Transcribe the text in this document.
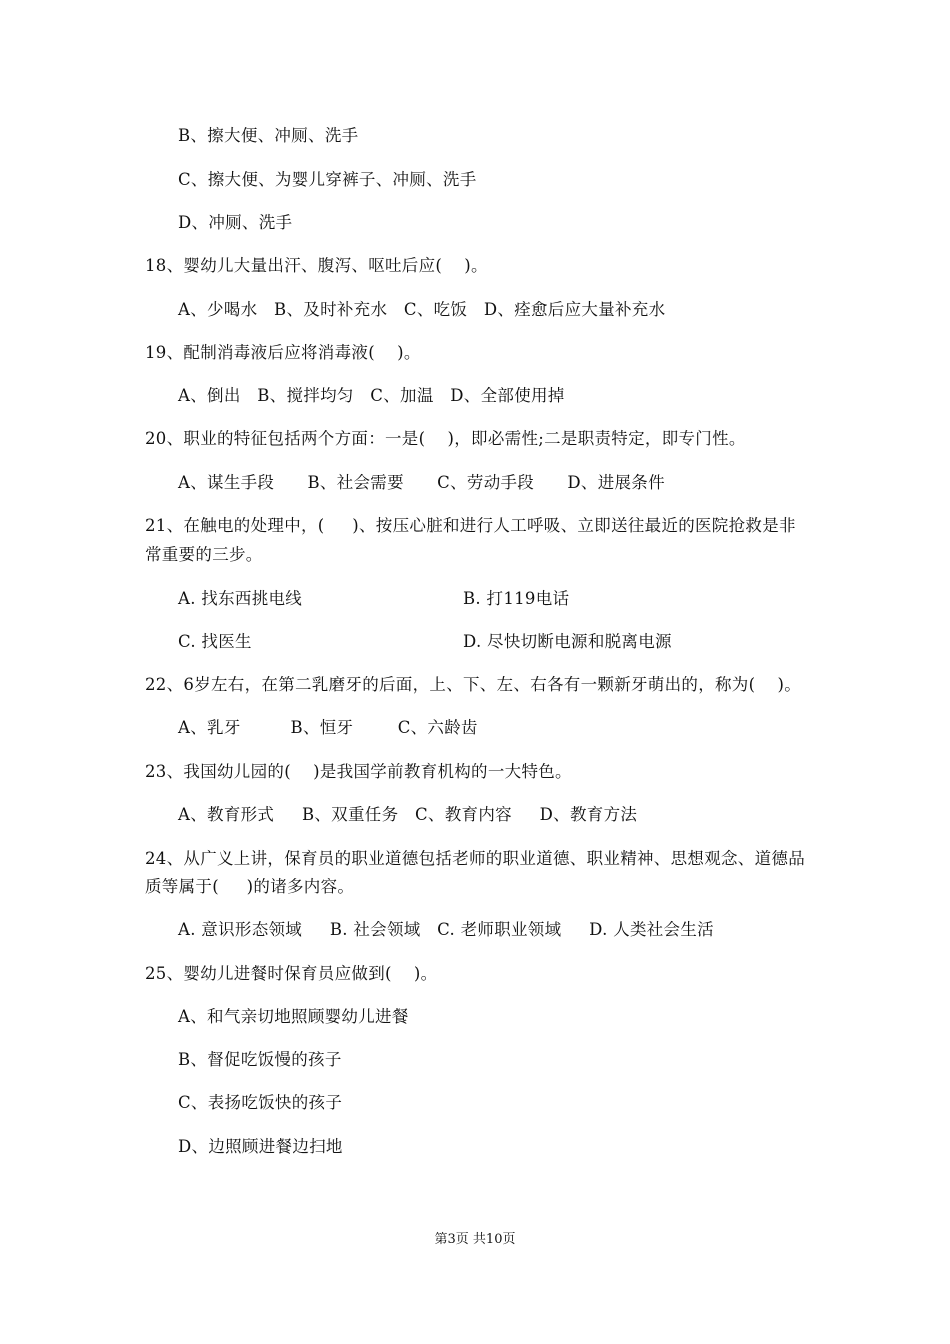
B、擦大便、冲厕、洗手
C、擦大便、为婴儿穿裤子、冲厕、洗手
D、冲厕、洗手
18、婴幼儿大量出汗、腹泻、呕吐后应(    )。
A、少喝水   B、及时补充水   C、吃饭   D、痊愈后应大量补充水
19、配制消毒液后应将消毒液(    )。
A、倒出   B、搅拌均匀   C、加温   D、全部使用掉
20、职业的特征包括两个方面：一是(    )，即必需性;二是职责特定，即专门性。
A、谋生手段      B、社会需要      C、劳动手段      D、进展条件
21、在触电的处理中，(     )、按压心脏和进行人工呼吸、立即送往最近的医院抢救是非
常重要的三步。
A. 找东西挑电线	B. 打119电话
C. 找医生	D. 尽快切断电源和脱离电源
22、6岁左右，在第二乳磨牙的后面，上、下、左、右各有一颗新牙萌出的，称为(    )。
A、乳牙         B、恒牙        C、六龄齿
23、我国幼儿园的(    )是我国学前教育机构的一大特色。
A、教育形式     B、双重任务   C、教育内容     D、教育方法
24、从广义上讲，保育员的职业道德包括老师的职业道德、职业精神、思想观念、道德品
质等属于(     )的诸多内容。
A. 意识形态领域     B. 社会领域   C. 老师职业领域     D. 人类社会生活
25、婴幼儿进餐时保育员应做到(    )。
A、和气亲切地照顾婴幼儿进餐
B、督促吃饭慢的孩子
C、表扬吃饭快的孩子
D、边照顾进餐边扫地
第3页 共10页
